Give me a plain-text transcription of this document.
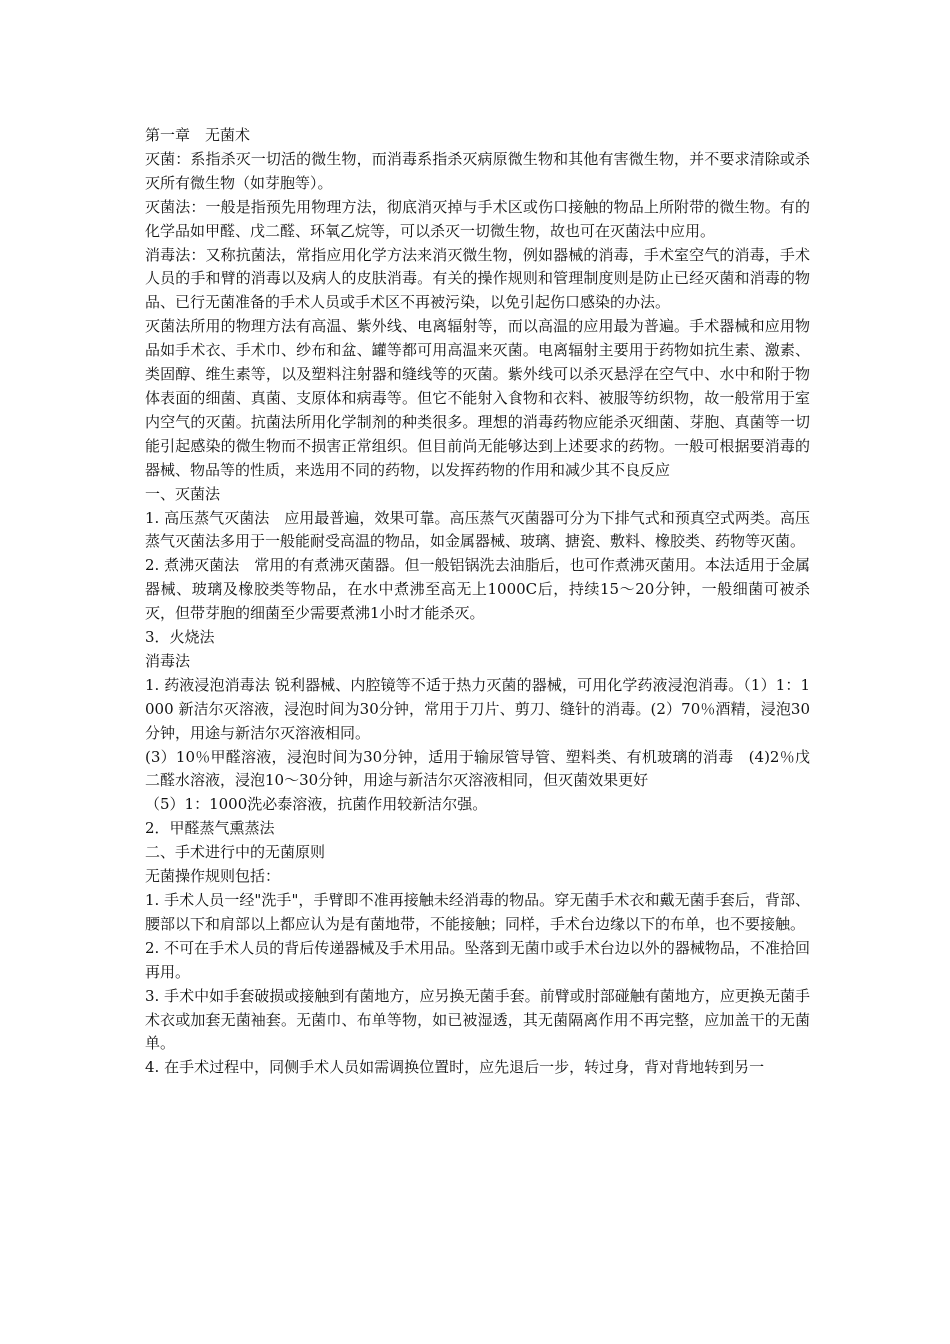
第一章　无菌术

灭菌：系指杀灭一切活的微生物，而消毒系指杀灭病原微生物和其他有害微生物，并不要求清除或杀灭所有微生物（如芽胞等）。

灭菌法：一般是指预先用物理方法，彻底消灭掉与手术区或伤口接触的物品上所附带的微生物。有的化学品如甲醛、戊二醛、环氧乙烷等，可以杀灭一切微生物，故也可在灭菌法中应用。

消毒法：又称抗菌法，常指应用化学方法来消灭微生物，例如器械的消毒，手术室空气的消毒，手术人员的手和臂的消毒以及病人的皮肤消毒。有关的操作规则和管理制度则是防止已经灭菌和消毒的物品、已行无菌准备的手术人员或手术区不再被污染，以免引起伤口感染的办法。

灭菌法所用的物理方法有高温、紫外线、电离辐射等，而以高温的应用最为普遍。手术器械和应用物品如手术衣、手术巾、纱布和盆、罐等都可用高温来灭菌。电离辐射主要用于药物如抗生素、激素、类固醇、维生素等，以及塑料注射器和缝线等的灭菌。紫外线可以杀灭悬浮在空气中、水中和附于物体表面的细菌、真菌、支原体和病毒等。但它不能射入食物和衣料、被服等纺织物，故一般常用于室内空气的灭菌。抗菌法所用化学制剂的种类很多。理想的消毒药物应能杀灭细菌、芽胞、真菌等一切能引起感染的微生物而不损害正常组织。但目前尚无能够达到上述要求的药物。一般可根据要消毒的器械、物品等的性质，来选用不同的药物，以发挥药物的作用和减少其不良反应

一、灭菌法

1. 高压蒸气灭菌法　应用最普遍，效果可靠。高压蒸气灭菌器可分为下排气式和预真空式两类。高压蒸气灭菌法多用于一般能耐受高温的物品，如金属器械、玻璃、搪瓷、敷料、橡胶类、药物等灭菌。

2. 煮沸灭菌法　常用的有煮沸灭菌器。但一般铝锅洗去油脂后，也可作煮沸灭菌用。本法适用于金属器械、玻璃及橡胶类等物品，在水中煮沸至高无上1000C后，持续15～20分钟，一般细菌可被杀灭，但带芽胞的细菌至少需要煮沸1小时才能杀灭。

3．火烧法

消毒法

1. 药液浸泡消毒法 锐利器械、内腔镜等不适于热力灭菌的器械，可用化学药液浸泡消毒。（1）1：1000 新洁尔灭溶液，浸泡时间为30分钟，常用于刀片、剪刀、缝针的消毒。(2）70％酒精，浸泡30分钟，用途与新洁尔灭溶液相同。

(3）10％甲醛溶液，浸泡时间为30分钟，适用于输尿管导管、塑料类、有机玻璃的消毒　(4)2％戊二醛水溶液，浸泡10～30分钟，用途与新洁尔灭溶液相同，但灭菌效果更好

（5）1：1000洗必泰溶液，抗菌作用较新洁尔强。

2．甲醛蒸气熏蒸法

二、手术进行中的无菌原则

无菌操作规则包括：

1. 手术人员一经"洗手"，手臂即不准再接触未经消毒的物品。穿无菌手术衣和戴无菌手套后，背部、腰部以下和肩部以上都应认为是有菌地带，不能接触；同样，手术台边缘以下的布单，也不要接触。

2. 不可在手术人员的背后传递器械及手术用品。坠落到无菌巾或手术台边以外的器械物品，不准拾回再用。

3. 手术中如手套破损或接触到有菌地方，应另换无菌手套。前臂或肘部碰触有菌地方，应更换无菌手术衣或加套无菌袖套。无菌巾、布单等物，如已被湿透，其无菌隔离作用不再完整，应加盖干的无菌单。

4. 在手术过程中，同侧手术人员如需调换位置时，应先退后一步，转过身，背对背地转到另一
